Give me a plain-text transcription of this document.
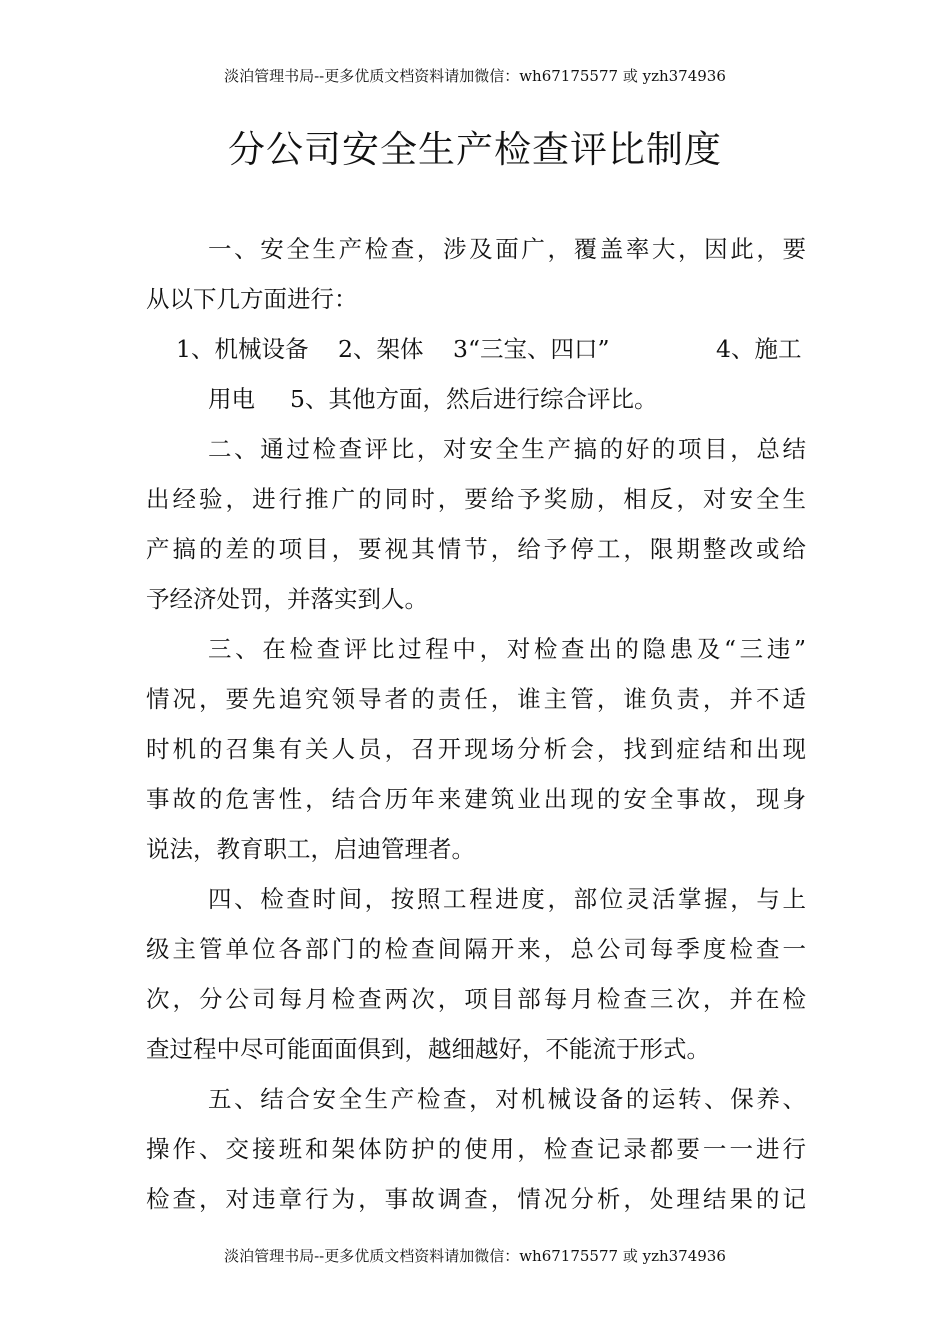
淡泊管理书局--更多优质文档资料请加微信：wh67175577 或 yzh374936
分公司安全生产检查评比制度
一、安全生产检查，涉及面广，覆盖率大，因此，要
从以下几方面进行：
1、机械设备 2、架体 3“三宝、四口”	4、施工
用电 5、其他方面，然后进行综合评比。
二、通过检查评比，对安全生产搞的好的项目，总结
出经验，进行推广的同时，要给予奖励，相反，对安全生
产搞的差的项目，要视其情节，给予停工，限期整改或给
予经济处罚，并落实到人。
三、在检查评比过程中，对检查出的隐患及“三违”
情况，要先追究领导者的责任，谁主管，谁负责，并不适
时机的召集有关人员，召开现场分析会，找到症结和出现
事故的危害性，结合历年来建筑业出现的安全事故，现身
说法，教育职工，启迪管理者。
四、检查时间，按照工程进度，部位灵活掌握，与上
级主管单位各部门的检查间隔开来，总公司每季度检查一
次，分公司每月检查两次，项目部每月检查三次，并在检
查过程中尽可能面面俱到，越细越好，不能流于形式。
五、结合安全生产检查，对机械设备的运转、保养、
操作、交接班和架体防护的使用，检查记录都要一一进行
检查，对违章行为，事故调查，情况分析，处理结果的记
淡泊管理书局--更多优质文档资料请加微信：wh67175577 或 yzh374936
